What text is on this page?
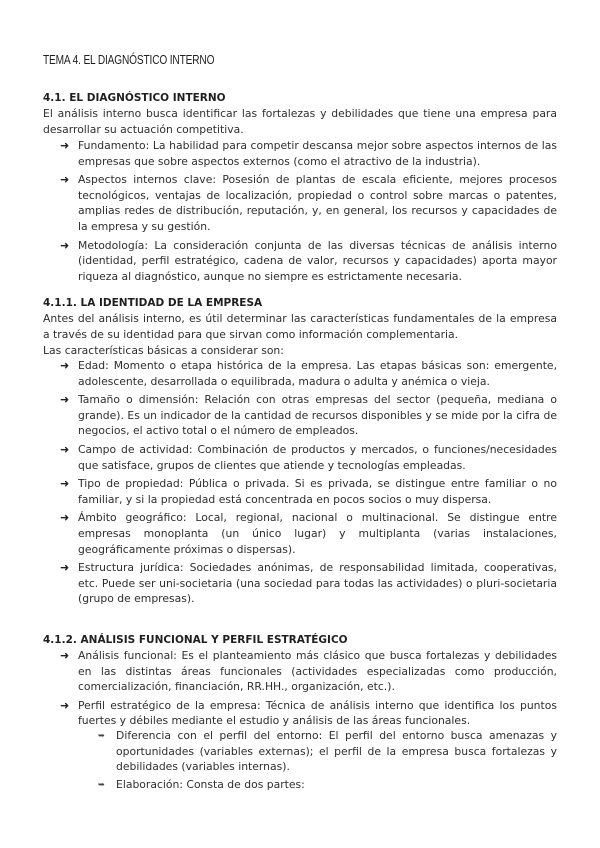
TEMA 4. EL DIAGNÓSTICO INTERNO
4.1. EL DIAGNÓSTICO INTERNO
El análisis interno busca identificar las fortalezas y debilidades que tiene una empresa para desarrollar su actuación competitiva.
➜ Fundamento: La habilidad para competir descansa mejor sobre aspectos internos de las empresas que sobre aspectos externos (como el atractivo de la industria).
➜ Aspectos internos clave: Posesión de plantas de escala eficiente, mejores procesos tecnológicos, ventajas de localización, propiedad o control sobre marcas o patentes, amplias redes de distribución, reputación, y, en general, los recursos y capacidades de la empresa y su gestión.
➜ Metodología: La consideración conjunta de las diversas técnicas de análisis interno (identidad, perfil estratégico, cadena de valor, recursos y capacidades) aporta mayor riqueza al diagnóstico, aunque no siempre es estrictamente necesaria.
4.1.1. LA IDENTIDAD DE LA EMPRESA
Antes del análisis interno, es útil determinar las características fundamentales de la empresa a través de su identidad para que sirvan como información complementaria.
Las características básicas a considerar son:
➜ Edad: Momento o etapa histórica de la empresa. Las etapas básicas son: emergente, adolescente, desarrollada o equilibrada, madura o adulta y anémica o vieja.
➜ Tamaño o dimensión: Relación con otras empresas del sector (pequeña, mediana o grande). Es un indicador de la cantidad de recursos disponibles y se mide por la cifra de negocios, el activo total o el número de empleados.
➜ Campo de actividad: Combinación de productos y mercados, o funciones/necesidades que satisface, grupos de clientes que atiende y tecnologías empleadas.
➜ Tipo de propiedad: Pública o privada. Si es privada, se distingue entre familiar o no familiar, y si la propiedad está concentrada en pocos socios o muy dispersa.
➜ Ámbito geográfico: Local, regional, nacional o multinacional. Se distingue entre empresas monoplanta (un único lugar) y multiplanta (varias instalaciones, geográficamente próximas o dispersas).
➜ Estructura jurídica: Sociedades anónimas, de responsabilidad limitada, cooperativas, etc. Puede ser uni-societaria (una sociedad para todas las actividades) o pluri-societaria (grupo de empresas).
4.1.2. ANÁLISIS FUNCIONAL Y PERFIL ESTRATÉGICO
➜ Análisis funcional: Es el planteamiento más clásico que busca fortalezas y debilidades en las distintas áreas funcionales (actividades especializadas como producción, comercialización, financiación, RR.HH., organización, etc.).
➜ Perfil estratégico de la empresa: Técnica de análisis interno que identifica los puntos fuertes y débiles mediante el estudio y análisis de las áreas funcionales.
➥ Diferencia con el perfil del entorno: El perfil del entorno busca amenazas y oportunidades (variables externas); el perfil de la empresa busca fortalezas y debilidades (variables internas).
➥ Elaboración: Consta de dos partes:
